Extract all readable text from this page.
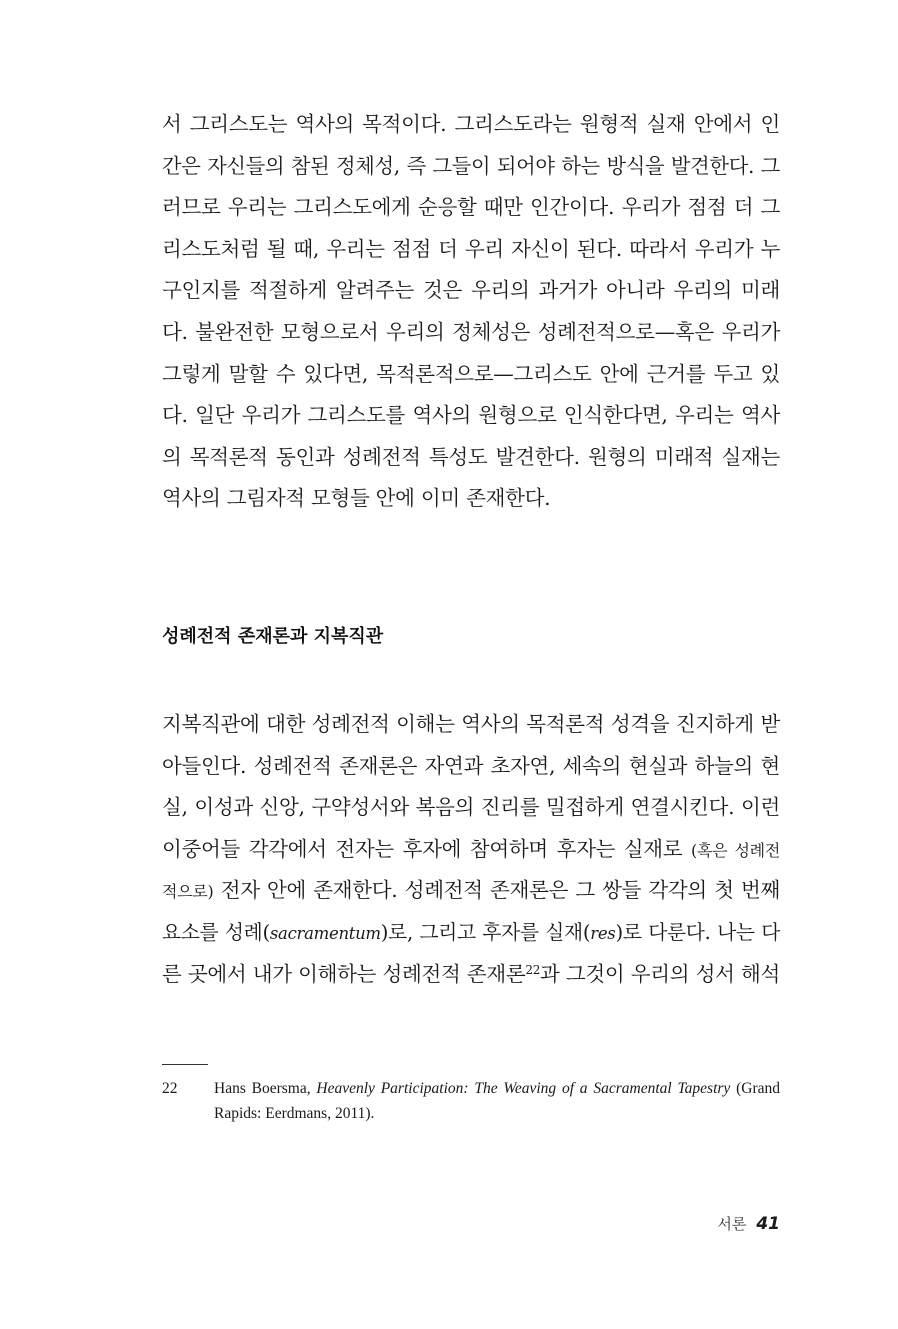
서 그리스도는 역사의 목적이다. 그리스도라는 원형적 실재 안에서 인
간은 자신들의 참된 정체성, 즉 그들이 되어야 하는 방식을 발견한다. 그
러므로 우리는 그리스도에게 순응할 때만 인간이다. 우리가 점점 더 그
리스도처럼 될 때, 우리는 점점 더 우리 자신이 된다. 따라서 우리가 누
구인지를 적절하게 알려주는 것은 우리의 과거가 아니라 우리의 미래
다. 불완전한 모형으로서 우리의 정체성은 성례전적으로—혹은 우리가
그렇게 말할 수 있다면, 목적론적으로—그리스도 안에 근거를 두고 있
다. 일단 우리가 그리스도를 역사의 원형으로 인식한다면, 우리는 역사
의 목적론적 동인과 성례전적 특성도 발견한다. 원형의 미래적 실재는
역사의 그림자적 모형들 안에 이미 존재한다.
성례전적 존재론과 지복직관
지복직관에 대한 성례전적 이해는 역사의 목적론적 성격을 진지하게 받
아들인다. 성례전적 존재론은 자연과 초자연, 세속의 현실과 하늘의 현
실, 이성과 신앙, 구약성서와 복음의 진리를 밀접하게 연결시킨다. 이런
이중어들 각각에서 전자는 후자에 참여하며 후자는 실재로 (혹은 성례전
적으로) 전자 안에 존재한다. 성례전적 존재론은 그 쌍들 각각의 첫 번째
요소를 성례(sacramentum)로, 그리고 후자를 실재(res)로 다룬다. 나는 다
른 곳에서 내가 이해하는 성례전적 존재론$^{22}$과 그것이 우리의 성서 해석
22 Hans Boersma, Heavenly Participation: The Weaving of a Sacramental Tapestry (Grand
Rapids: Eerdmans, 2011).
서론 41
